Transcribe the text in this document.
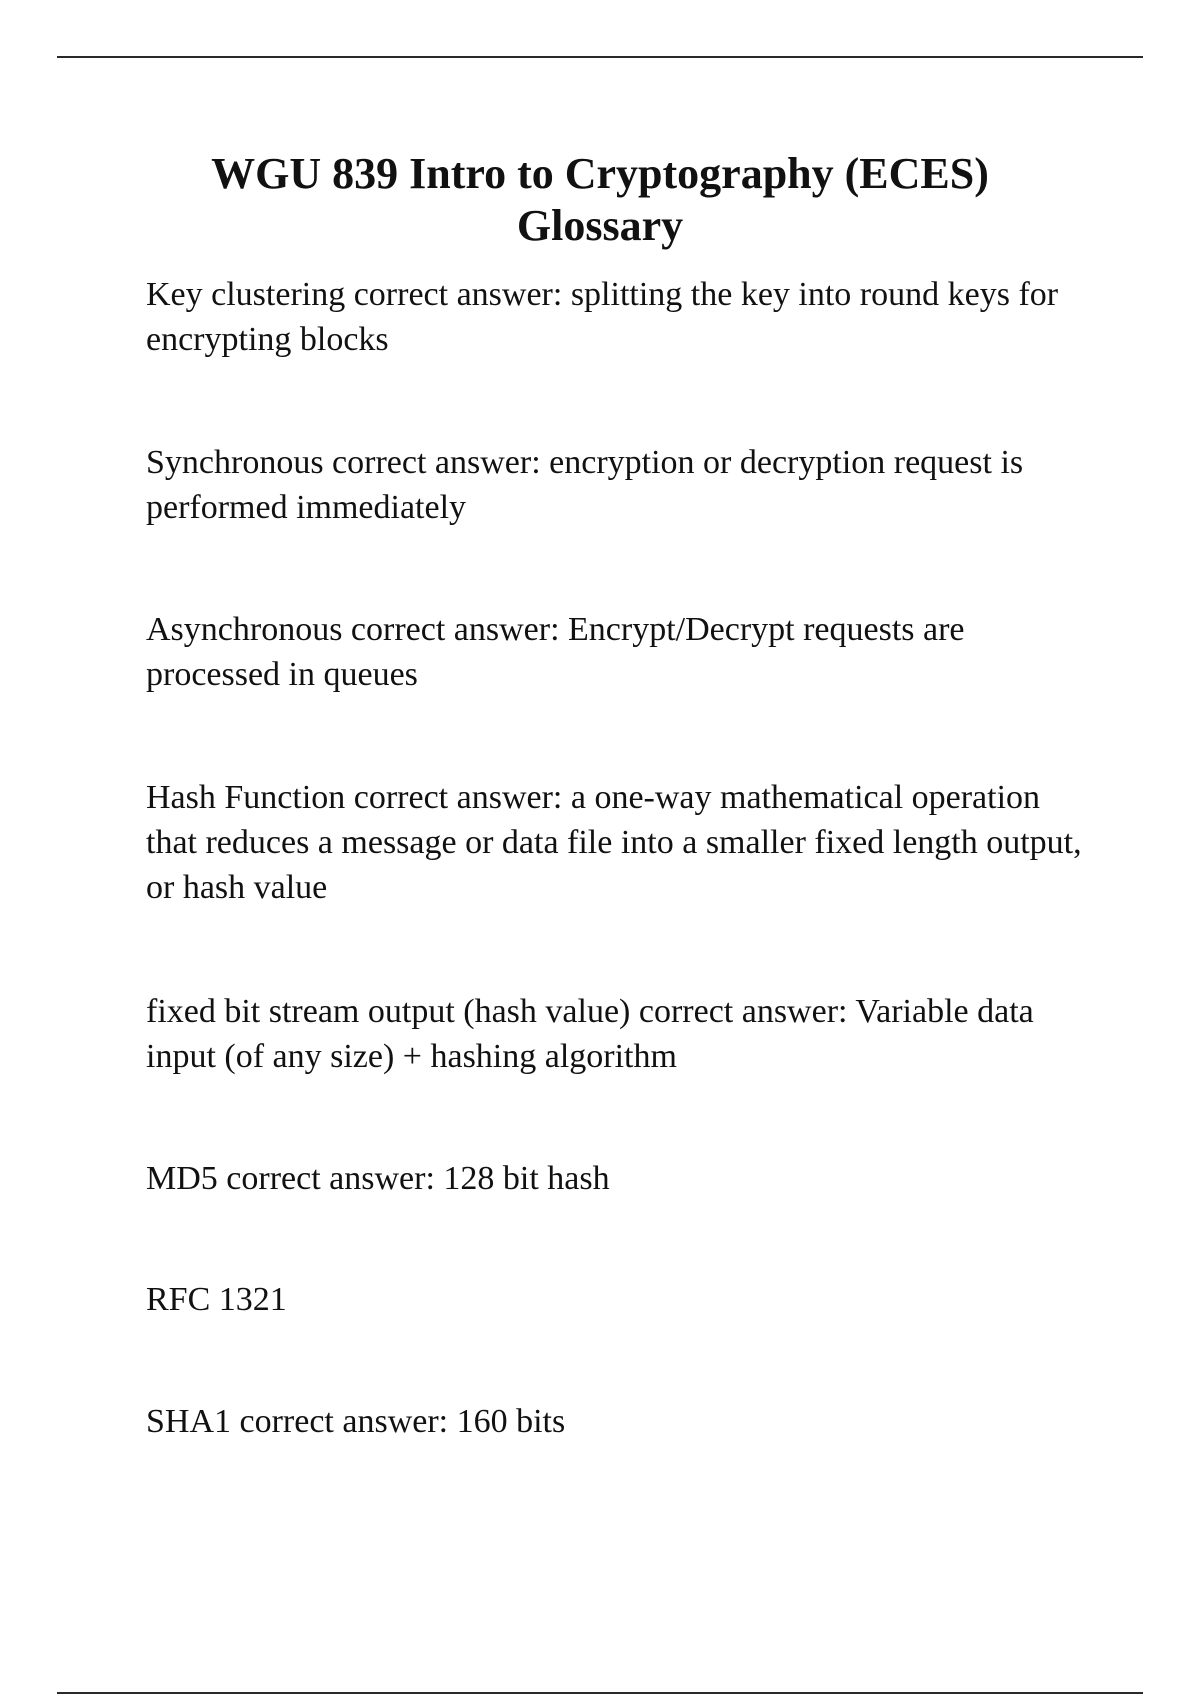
WGU 839 Intro to Cryptography (ECES)
Glossary

Key clustering correct answer: splitting the key into round keys for encrypting blocks

Synchronous correct answer: encryption or decryption request is performed immediately

Asynchronous correct answer: Encrypt/Decrypt requests are processed in queues

Hash Function correct answer: a one-way mathematical operation that reduces a message or data file into a smaller fixed length output, or hash value

fixed bit stream output (hash value) correct answer: Variable data input (of any size) + hashing algorithm

MD5 correct answer: 128 bit hash

RFC 1321

SHA1 correct answer: 160 bits
